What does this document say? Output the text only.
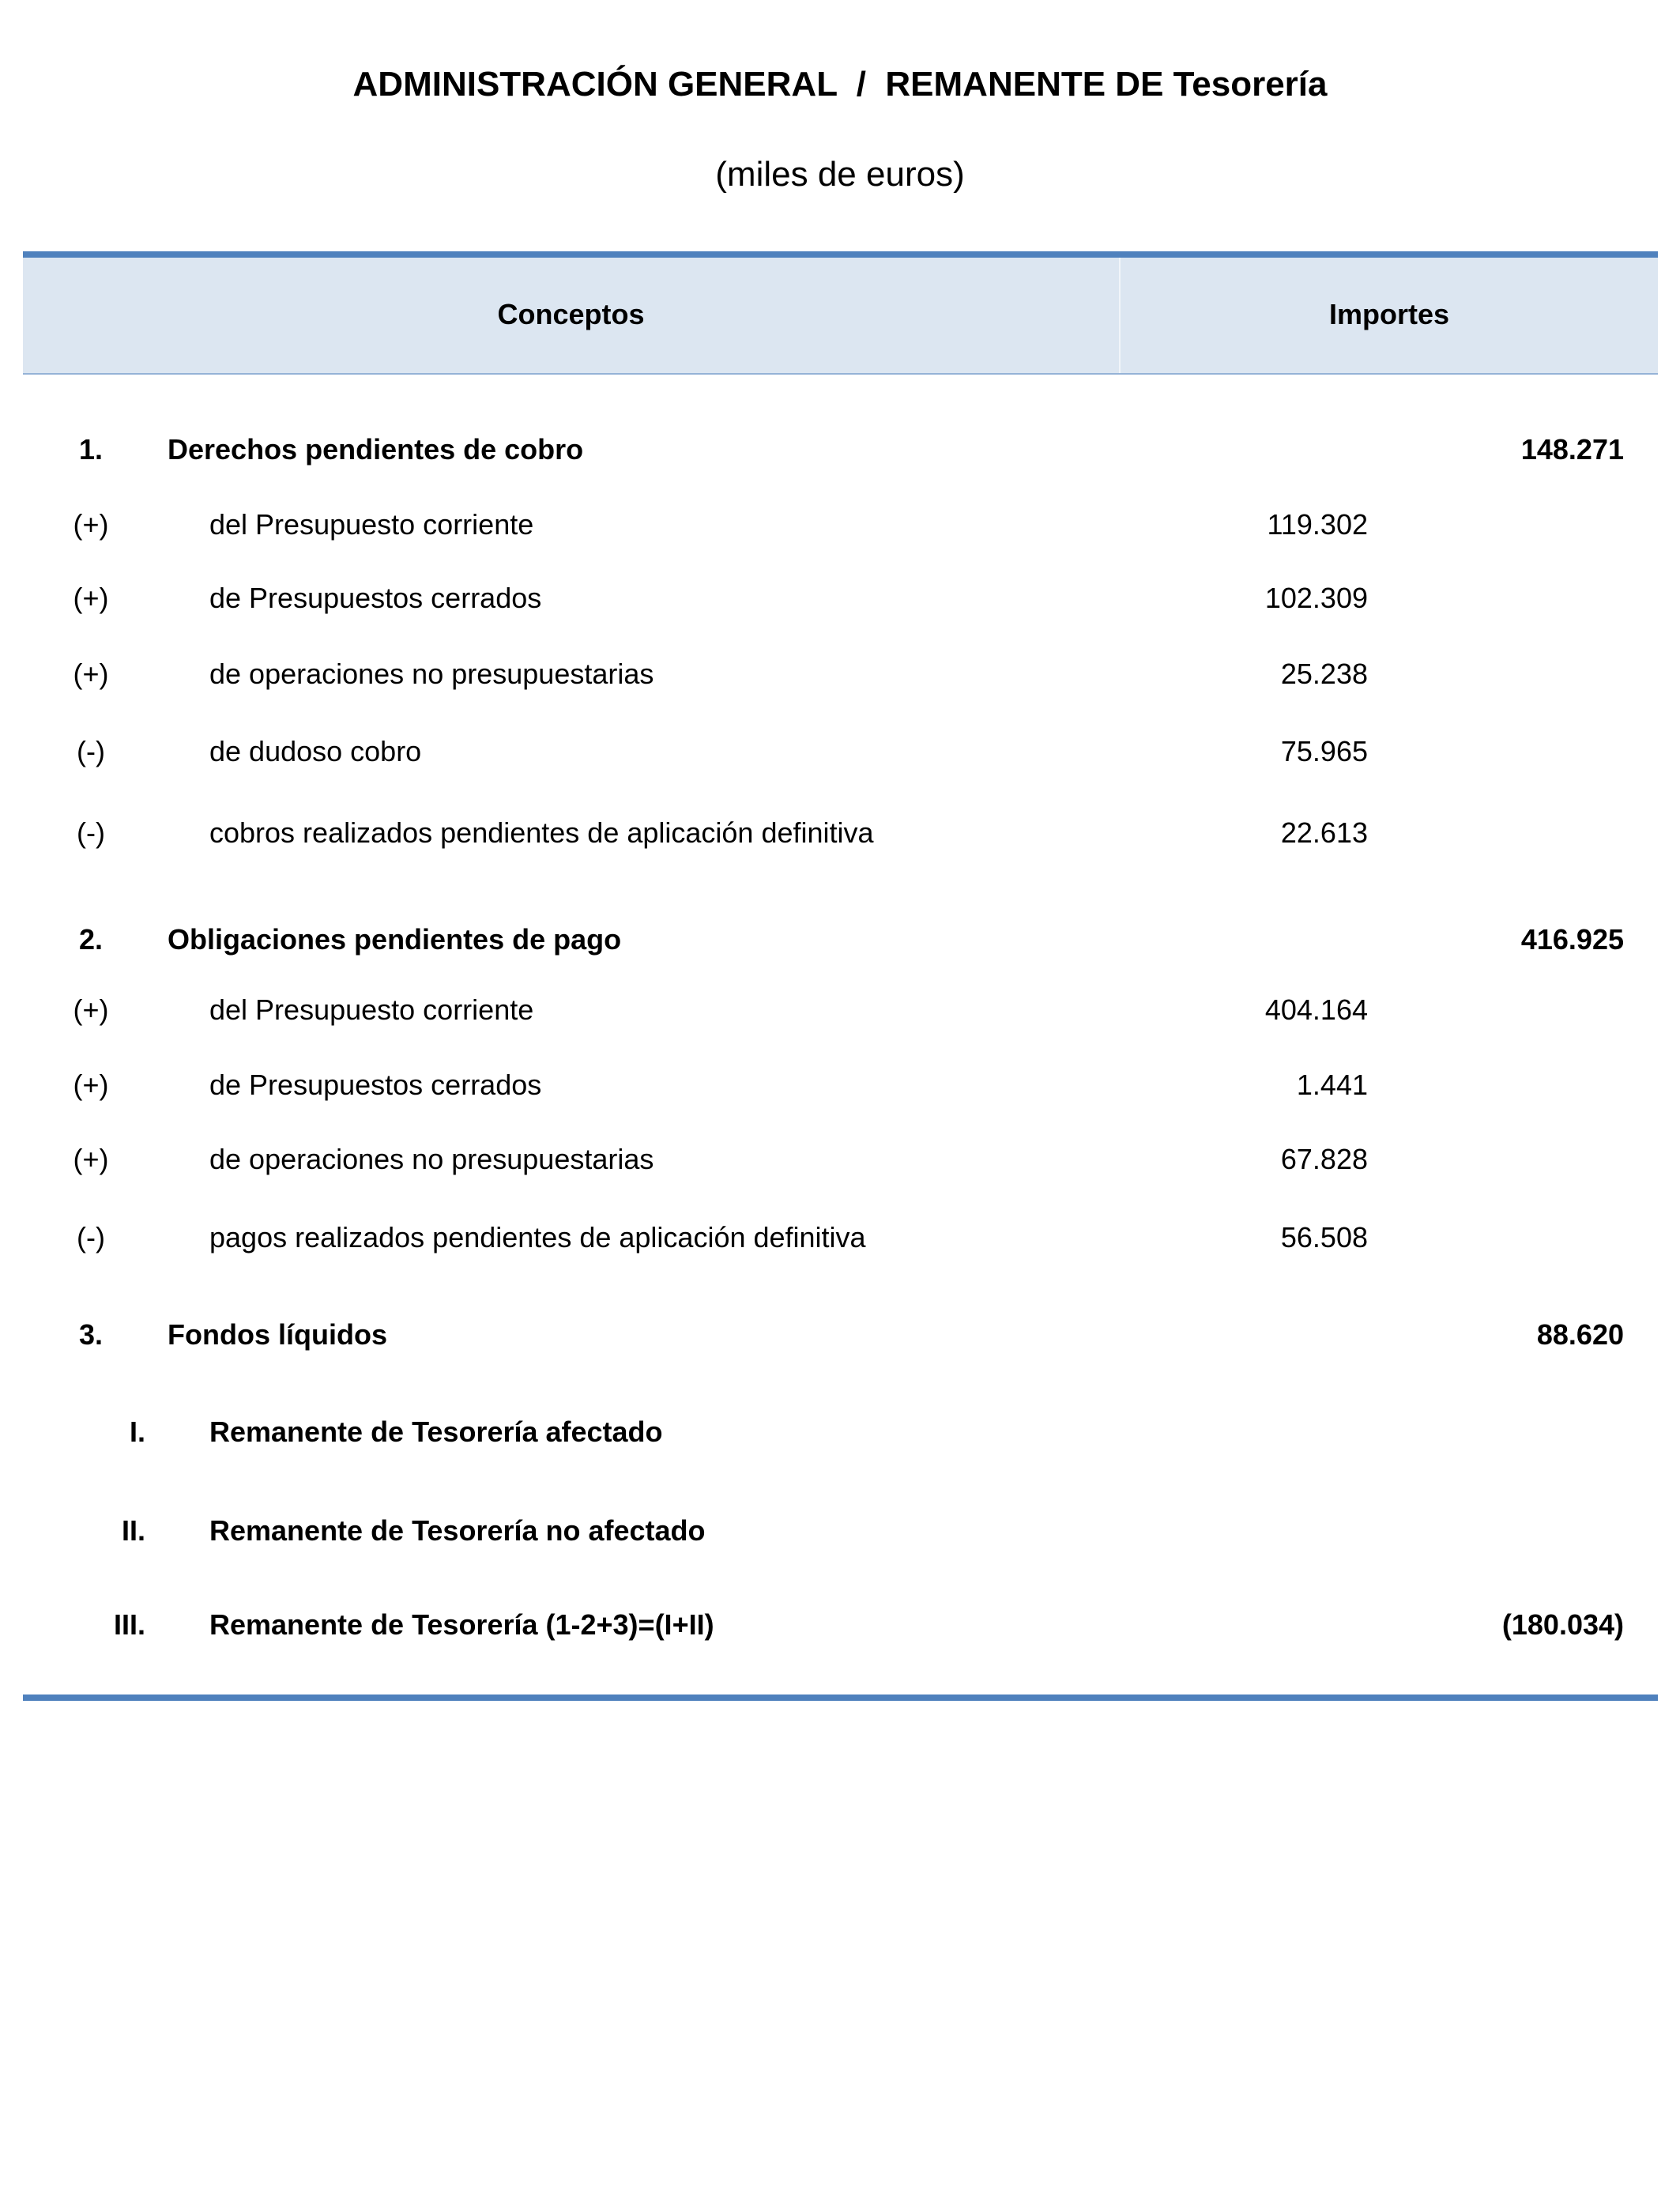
ADMINISTRACIÓN GENERAL  /  REMANENTE DE Tesorería
(miles de euros)
Conceptos	Importes
1.	Derechos pendientes de cobro	148.271
(+)	del Presupuesto corriente	119.302
(+)	de Presupuestos cerrados	102.309
(+)	de operaciones no presupuestarias	25.238
(-)	de dudoso cobro	75.965
(-)	cobros realizados pendientes de aplicación definitiva	22.613
2.	Obligaciones pendientes de pago	416.925
(+)	del Presupuesto corriente	404.164
(+)	de Presupuestos cerrados	1.441
(+)	de operaciones no presupuestarias	67.828
(-)	pagos realizados pendientes de aplicación definitiva	56.508
3.	Fondos líquidos	88.620
I. Remanente de Tesorería afectado
II. Remanente de Tesorería no afectado
III. Remanente de Tesorería (1-2+3)=(I+II)	(180.034)
